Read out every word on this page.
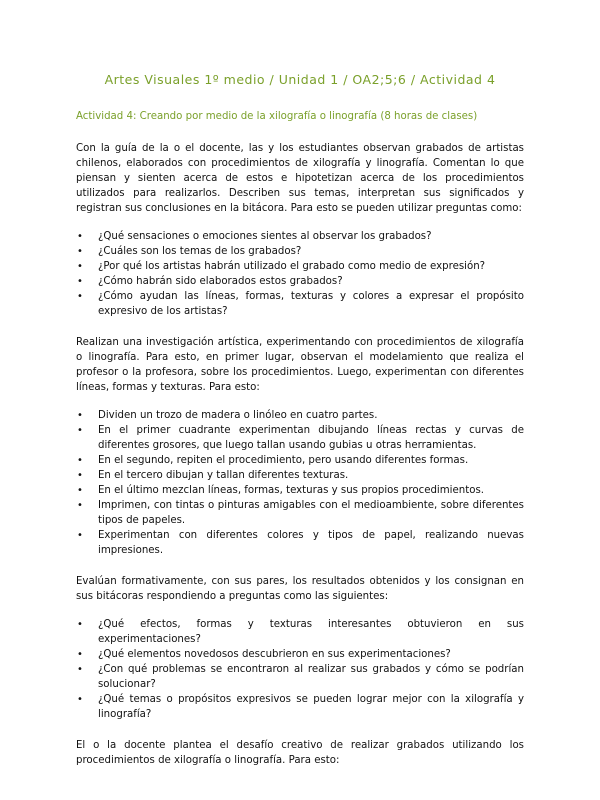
Artes Visuales 1º medio / Unidad 1 / OA2;5;6 / Actividad 4
Actividad 4: Creando por medio de la xilografía o linografía (8 horas de clases)

Con la guía de la o el docente, las y los estudiantes observan grabados de artistas chilenos, elaborados con procedimientos de xilografía y linografía. Comentan lo que piensan y sienten acerca de estos e hipotetizan acerca de los procedimientos utilizados para realizarlos. Describen sus temas, interpretan sus significados y registran sus conclusiones en la bitácora. Para esto se pueden utilizar preguntas como:

• ¿Qué sensaciones o emociones sientes al observar los grabados?
• ¿Cuáles son los temas de los grabados?
• ¿Por qué los artistas habrán utilizado el grabado como medio de expresión?
• ¿Cómo habrán sido elaborados estos grabados?
• ¿Cómo ayudan las líneas, formas, texturas y colores a expresar el propósito expresivo de los artistas?

Realizan una investigación artística, experimentando con procedimientos de xilografía o linografía. Para esto, en primer lugar, observan el modelamiento que realiza el profesor o la profesora, sobre los procedimientos. Luego, experimentan con diferentes líneas, formas y texturas. Para esto:

• Dividen un trozo de madera o linóleo en cuatro partes.
• En el primer cuadrante experimentan dibujando líneas rectas y curvas de diferentes grosores, que luego tallan usando gubias u otras herramientas.
• En el segundo, repiten el procedimiento, pero usando diferentes formas.
• En el tercero dibujan y tallan diferentes texturas.
• En el último mezclan líneas, formas, texturas y sus propios procedimientos.
• Imprimen, con tintas o pinturas amigables con el medioambiente, sobre diferentes tipos de papeles.
• Experimentan con diferentes colores y tipos de papel, realizando nuevas impresiones.

Evalúan formativamente, con sus pares, los resultados obtenidos y los consignan en sus bitácoras respondiendo a preguntas como las siguientes:

• ¿Qué efectos, formas y texturas interesantes obtuvieron en sus experimentaciones?
• ¿Qué elementos novedosos descubrieron en sus experimentaciones?
• ¿Con qué problemas se encontraron al realizar sus grabados y cómo se podrían solucionar?
• ¿Qué temas o propósitos expresivos se pueden lograr mejor con la xilografía y linografía?

El o la docente plantea el desafío creativo de realizar grabados utilizando los procedimientos de xilografía o linografía. Para esto:
